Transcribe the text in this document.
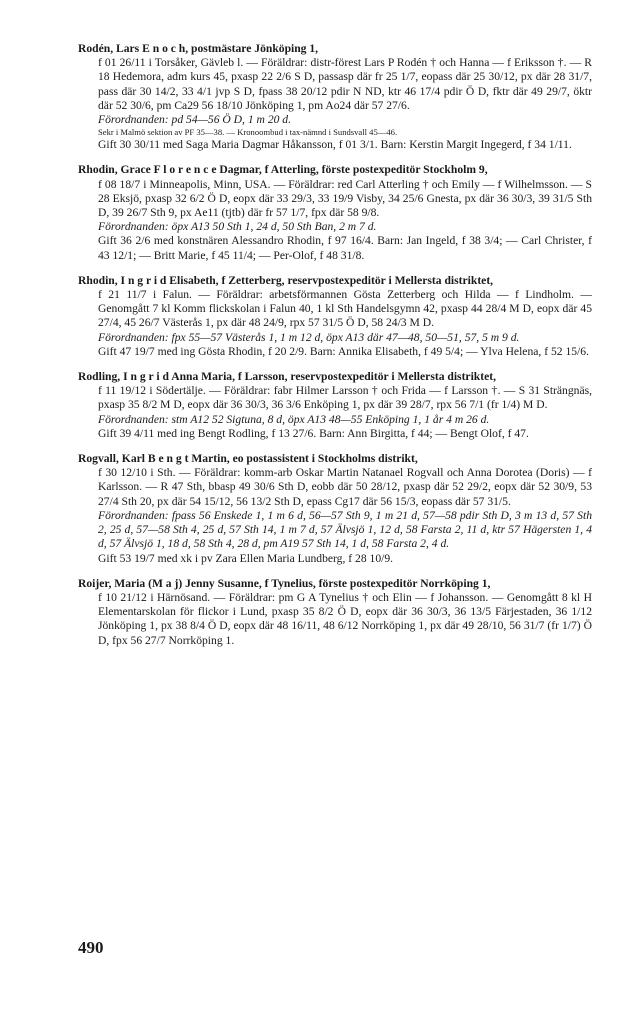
Rodén, Lars E n o c h, postmästare Jönköping 1,

f 01 26/11 i Torsåker, Gävleb l. — Föräldrar: distr-förest Lars P Rodén † och Hanna — f Eriksson †. — R 18 Hedemora, adm kurs 45, pxasp 22 2/6 S D, passasp där fr 25 1/7, eopass där 25 30/12, px där 28 31/7, pass där 30 14/2, 33 4/1 jvp S D, fpass 38 20/12 pdir N ND, ktr 46 17/4 pdir Ö D, fktr där 49 29/7, öktr där 52 30/6, pm Ca29 56 18/10 Jönköping 1, pm Ao24 där 57 27/6.

Förordnanden: pd 54—56 Ö D, 1 m 20 d.

Sekr i Malmö sektion av PF 35—38. — Kronoombud i tax-nämnd i Sundsvall 45—46.

Gift 30 30/11 med Saga Maria Dagmar Håkansson, f 01 3/1. Barn: Kerstin Margit Ingegerd, f 34 1/11.

Rhodin, Grace F l o r e n c e Dagmar, f Atterling, förste postexpeditör Stockholm 9,

f 08 18/7 i Minneapolis, Minn, USA. — Föräldrar: red Carl Atterling † och Emily — f Wilhelmsson. — S 28 Eksjö, pxasp 32 6/2 Ö D, eopx där 33 29/3, 33 19/9 Visby, 34 25/6 Gnesta, px där 36 30/3, 39 31/5 Sth D, 39 26/7 Sth 9, px Ae11 (tjtb) där fr 57 1/7, fpx där 58 9/8.

Förordnanden: öpx A13 50 Sth 1, 24 d, 50 Sth Ban, 2 m 7 d.

Gift 36 2/6 med konstnären Alessandro Rhodin, f 97 16/4. Barn: Jan Ingeld, f 38 3/4; — Carl Christer, f 43 12/1; — Britt Marie, f 45 11/4; — Per-Olof, f 48 31/8.

Rhodin, I n g r i d Elisabeth, f Zetterberg, reservpostexpeditör i Mellersta distriktet,

f 21 11/7 i Falun. — Föräldrar: arbetsförmannen Gösta Zetterberg och Hilda — f Lindholm. — Genomgått 7 kl Komm flickskolan i Falun 40, 1 kl Sth Handelsgymn 42, pxasp 44 28/4 M D, eopx där 45 27/4, 45 26/7 Västerås 1, px där 48 24/9, rpx 57 31/5 Ö D, 58 24/3 M D.

Förordnanden: fpx 55—57 Västerås 1, 1 m 12 d, öpx A13 där 47—48, 50—51, 57, 5 m 9 d.

Gift 47 19/7 med ing Gösta Rhodin, f 20 2/9. Barn: Annika Elisabeth, f 49 5/4; — Ylva Helena, f 52 15/6.

Rodling, I n g r i d Anna Maria, f Larsson, reservpostexpeditör i Mellersta distriktet,

f 11 19/12 i Södertälje. — Föräldrar: fabr Hilmer Larsson † och Frida — f Larsson †. — S 31 Strängnäs, pxasp 35 8/2 M D, eopx där 36 30/3, 36 3/6 Enköping 1, px där 39 28/7, rpx 56 7/1 (fr 1/4) M D.

Förordnanden: stm A12 52 Sigtuna, 8 d, öpx A13 48—55 Enköping 1, 1 år 4 m 26 d.

Gift 39 4/11 med ing Bengt Rodling, f 13 27/6. Barn: Ann Birgitta, f 44; — Bengt Olof, f 47.

Rogvall, Karl B e n g t Martin, eo postassistent i Stockholms distrikt,

f 30 12/10 i Sth. — Föräldrar: komm-arb Oskar Martin Natanael Rogvall och Anna Dorotea (Doris) — f Karlsson. — R 47 Sth, bbasp 49 30/6 Sth D, eobb där 50 28/12, pxasp där 52 29/2, eopx där 52 30/9, 53 27/4 Sth 20, px där 54 15/12, 56 13/2 Sth D, epass Cg17 där 56 15/3, eopass där 57 31/5.

Förordnanden: fpass 56 Enskede 1, 1 m 6 d, 56—57 Sth 9, 1 m 21 d, 57—58 pdir Sth D, 3 m 13 d, 57 Sth 2, 25 d, 57—58 Sth 4, 25 d, 57 Sth 14, 1 m 7 d, 57 Älvsjö 1, 12 d, 58 Farsta 2, 11 d, ktr 57 Hägersten 1, 4 d, 57 Älvsjö 1, 18 d, 58 Sth 4, 28 d, pm A19 57 Sth 14, 1 d, 58 Farsta 2, 4 d.

Gift 53 19/7 med xk i pv Zara Ellen Maria Lundberg, f 28 10/9.

Roijer, Maria (M a j) Jenny Susanne, f Tynelius, förste postexpeditör Norrköping 1,

f 10 21/12 i Härnösand. — Föräldrar: pm G A Tynelius † och Elin — f Johansson. — Genomgått 8 kl H Elementarskolan för flickor i Lund, pxasp 35 8/2 Ö D, eopx där 36 30/3, 36 13/5 Färjestaden, 36 1/12 Jönköping 1, px 38 8/4 Ö D, eopx där 48 16/11, 48 6/12 Norrköping 1, px där 49 28/10, 56 31/7 (fr 1/7) Ö D, fpx 56 27/7 Norrköping 1.

490
